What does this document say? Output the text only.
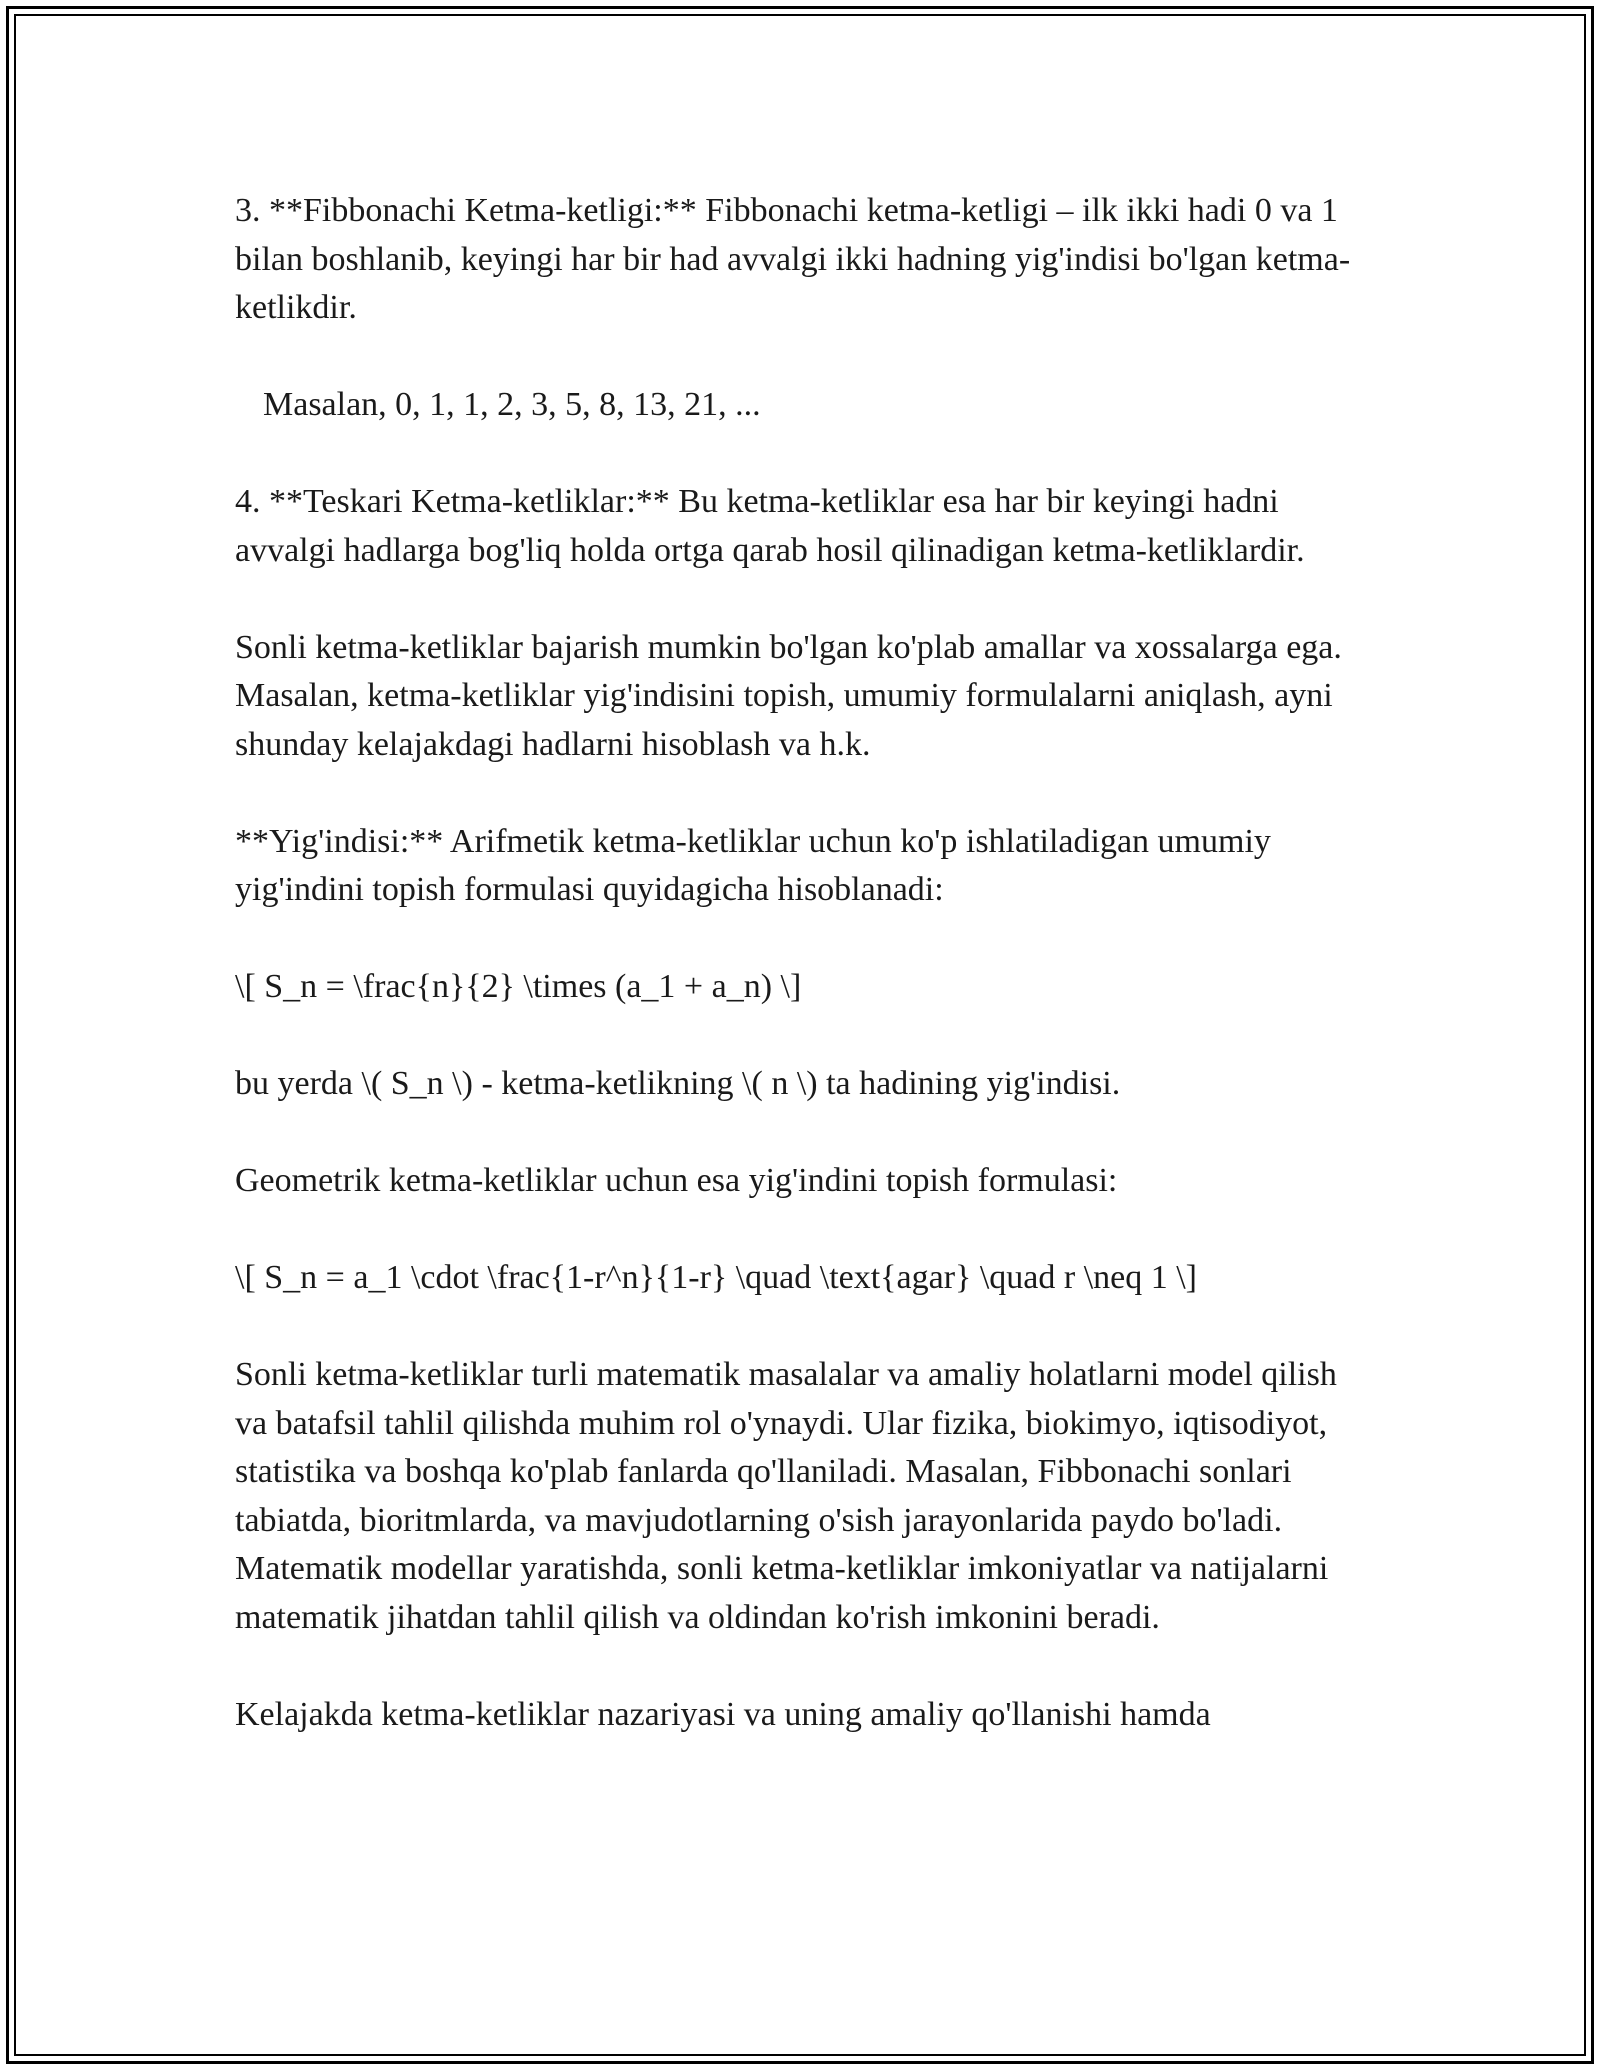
3. **Fibbonachi Ketma-ketligi:** Fibbonachi ketma-ketligi – ilk ikki hadi 0 va 1 bilan boshlanib, keyingi har bir had avvalgi ikki hadning yig'indisi bo'lgan ketma-ketlikdir.

Masalan, 0, 1, 1, 2, 3, 5, 8, 13, 21, ...

4. **Teskari Ketma-ketliklar:** Bu ketma-ketliklar esa har bir keyingi hadni avvalgi hadlarga bog'liq holda ortga qarab hosil qilinadigan ketma-ketliklardir.

Sonli ketma-ketliklar bajarish mumkin bo'lgan ko'plab amallar va xossalarga ega. Masalan, ketma-ketliklar yig'indisini topish, umumiy formulalarni aniqlash, ayni shunday kelajakdagi hadlarni hisoblash va h.k.

**Yig'indisi:** Arifmetik ketma-ketliklar uchun ko'p ishlatiladigan umumiy yig'indini topish formulasi quyidagicha hisoblanadi:

\[ S_n = \frac{n}{2} \times (a_1 + a_n) \]

bu yerda \( S_n \) - ketma-ketlikning \( n \) ta hadining yig'indisi.

Geometrik ketma-ketliklar uchun esa yig'indini topish formulasi:

\[ S_n = a_1 \cdot \frac{1-r^n}{1-r} \quad \text{agar} \quad r \neq 1 \]

Sonli ketma-ketliklar turli matematik masalalar va amaliy holatlarni model qilish va batafsil tahlil qilishda muhim rol o'ynaydi. Ular fizika, biokimyo, iqtisodiyot, statistika va boshqa ko'plab fanlarda qo'llaniladi. Masalan, Fibbonachi sonlari tabiatda, bioritmlarda, va mavjudotlarning o'sish jarayonlarida paydo bo'ladi. Matematik modellar yaratishda, sonli ketma-ketliklar imkoniyatlar va natijalarni matematik jihatdan tahlil qilish va oldindan ko'rish imkonini beradi.

Kelajakda ketma-ketliklar nazariyasi va uning amaliy qo'llanishi hamda
